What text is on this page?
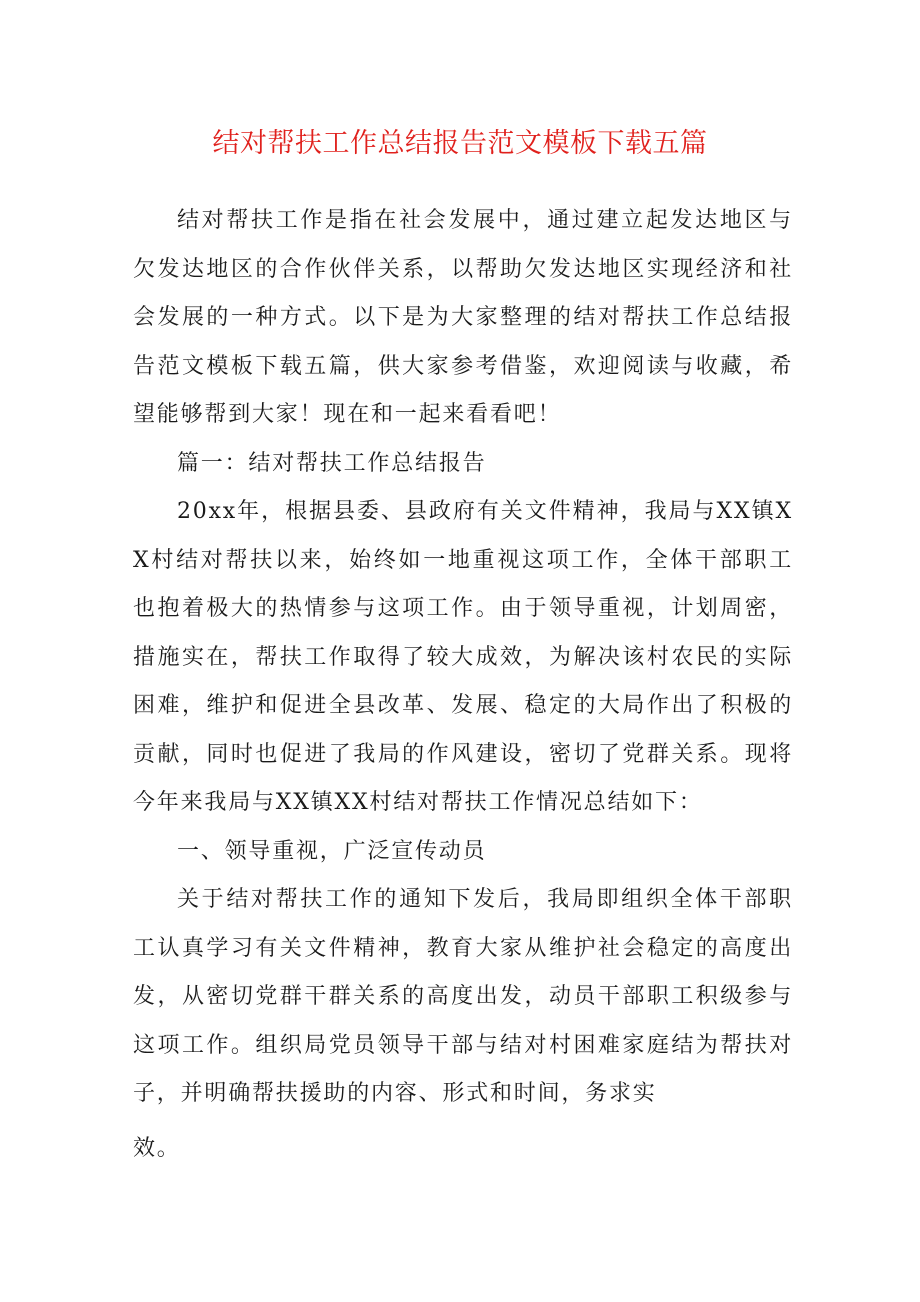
结对帮扶工作总结报告范文模板下载五篇

结对帮扶工作是指在社会发展中，通过建立起发达地区与欠发达地区的合作伙伴关系，以帮助欠发达地区实现经济和社会发展的一种方式。以下是为大家整理的结对帮扶工作总结报告范文模板下载五篇，供大家参考借鉴，欢迎阅读与收藏，希望能够帮到大家！现在和一起来看看吧！

篇一：结对帮扶工作总结报告

20xx年，根据县委、县政府有关文件精神，我局与XX镇XX村结对帮扶以来，始终如一地重视这项工作，全体干部职工也抱着极大的热情参与这项工作。由于领导重视，计划周密，措施实在，帮扶工作取得了较大成效，为解决该村农民的实际困难，维护和促进全县改革、发展、稳定的大局作出了积极的贡献，同时也促进了我局的作风建设，密切了党群关系。现将今年来我局与XX镇XX村结对帮扶工作情况总结如下：

一、领导重视，广泛宣传动员

关于结对帮扶工作的通知下发后，我局即组织全体干部职工认真学习有关文件精神，教育大家从维护社会稳定的高度出发，从密切党群干群关系的高度出发，动员干部职工积级参与这项工作。组织局党员领导干部与结对村困难家庭结为帮扶对子，并明确帮扶援助的内容、形式和时间，务求实

效。
